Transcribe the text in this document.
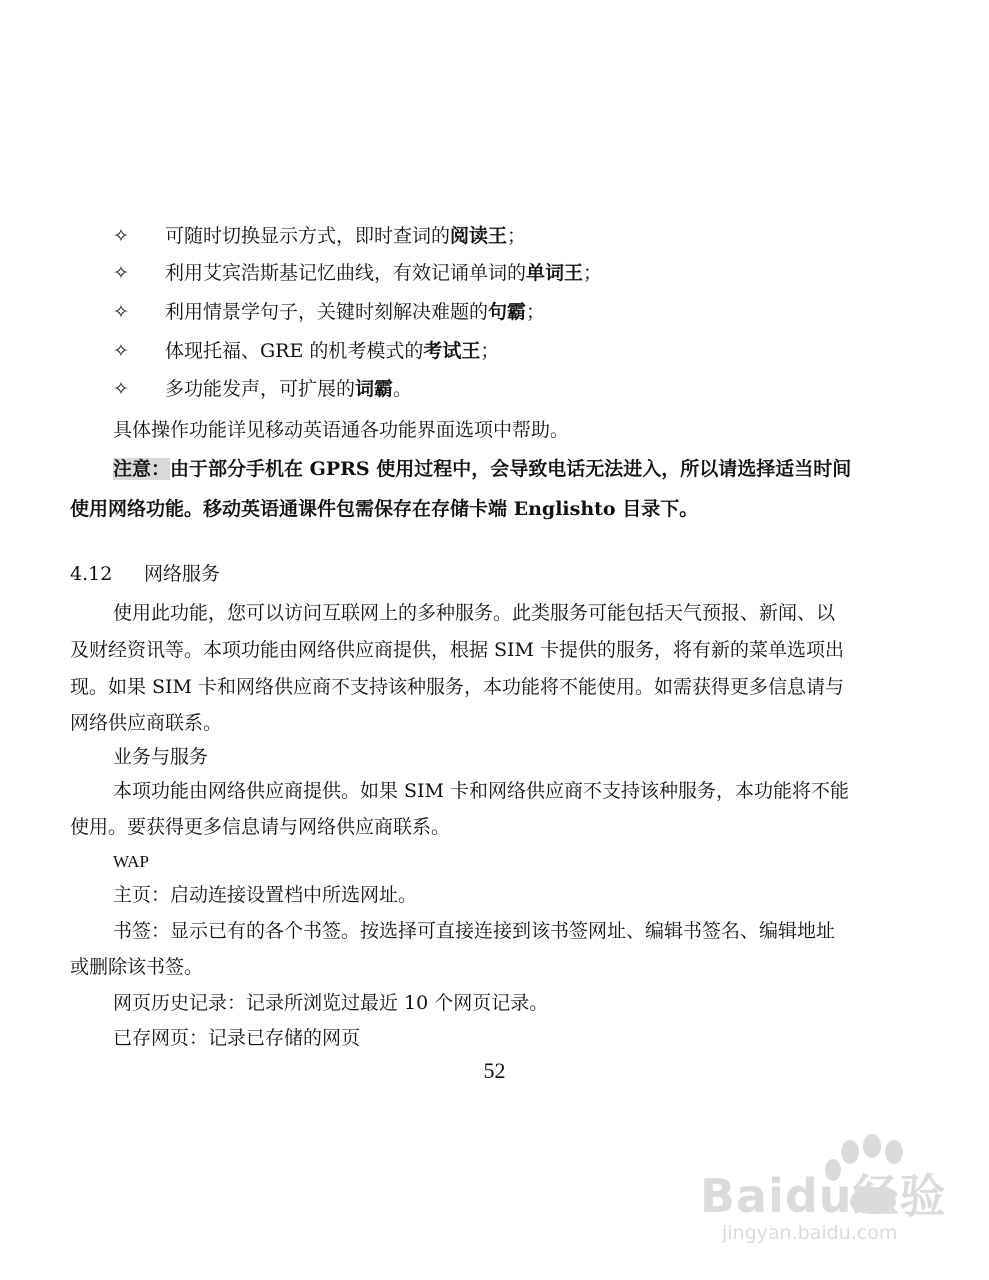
✧ 可随时切换显示方式，即时查词的阅读王；
✧ 利用艾宾浩斯基记忆曲线，有效记诵单词的单词王；
✧ 利用情景学句子，关键时刻解决难题的句霸；
✧ 体现托福、GRE 的机考模式的考试王；
✧ 多功能发声，可扩展的词霸。
具体操作功能详见移动英语通各功能界面选项中帮助。
注意：由于部分手机在 GPRS 使用过程中，会导致电话无法进入，所以请选择适当时间
使用网络功能。移动英语通课件包需保存在存储卡端 Englishto 目录下。
4.12 网络服务
使用此功能，您可以访问互联网上的多种服务。此类服务可能包括天气预报、新闻、以
及财经资讯等。本项功能由网络供应商提供，根据 SIM 卡提供的服务，将有新的菜单选项出
现。如果 SIM 卡和网络供应商不支持该种服务，本功能将不能使用。如需获得更多信息请与
网络供应商联系。
业务与服务
本项功能由网络供应商提供。如果 SIM 卡和网络供应商不支持该种服务，本功能将不能
使用。要获得更多信息请与网络供应商联系。
WAP
主页：启动连接设置档中所选网址。
书签：显示已有的各个书签。按选择可直接连接到该书签网址、编辑书签名、编辑地址
或删除该书签。
网页历史记录：记录所浏览过最近 10 个网页记录。
已存网页：记录已存储的网页
52
Baidu经验
jingyan.baidu.com
